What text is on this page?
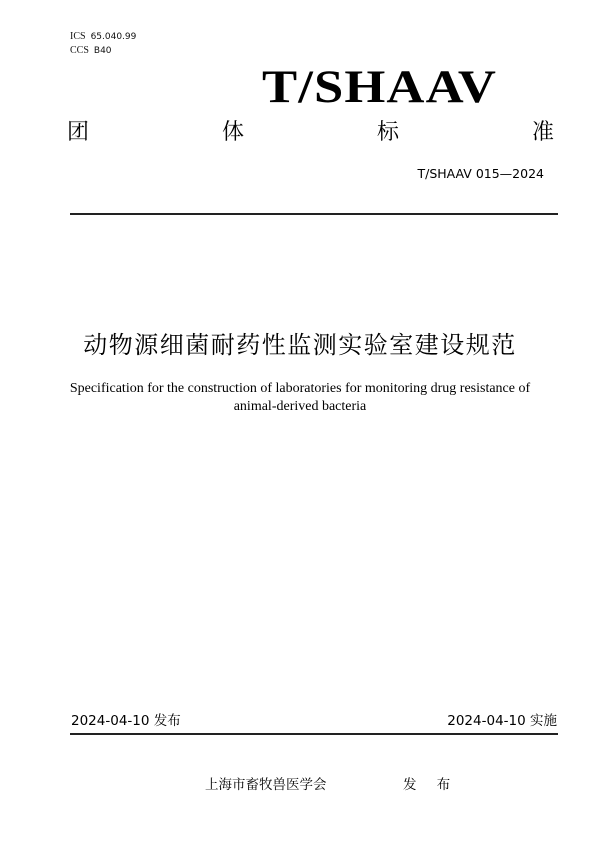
ICS 65.040.99
CCS B40
T/SHAAV
团	体	标	准
T/SHAAV 015—2024
动物源细菌耐药性监测实验室建设规范
Specification for the construction of laboratories for monitoring drug resistance of
animal-derived bacteria
2024-04-10 发布	2024-04-10 实施
上海市畜牧兽医学会	发 布
